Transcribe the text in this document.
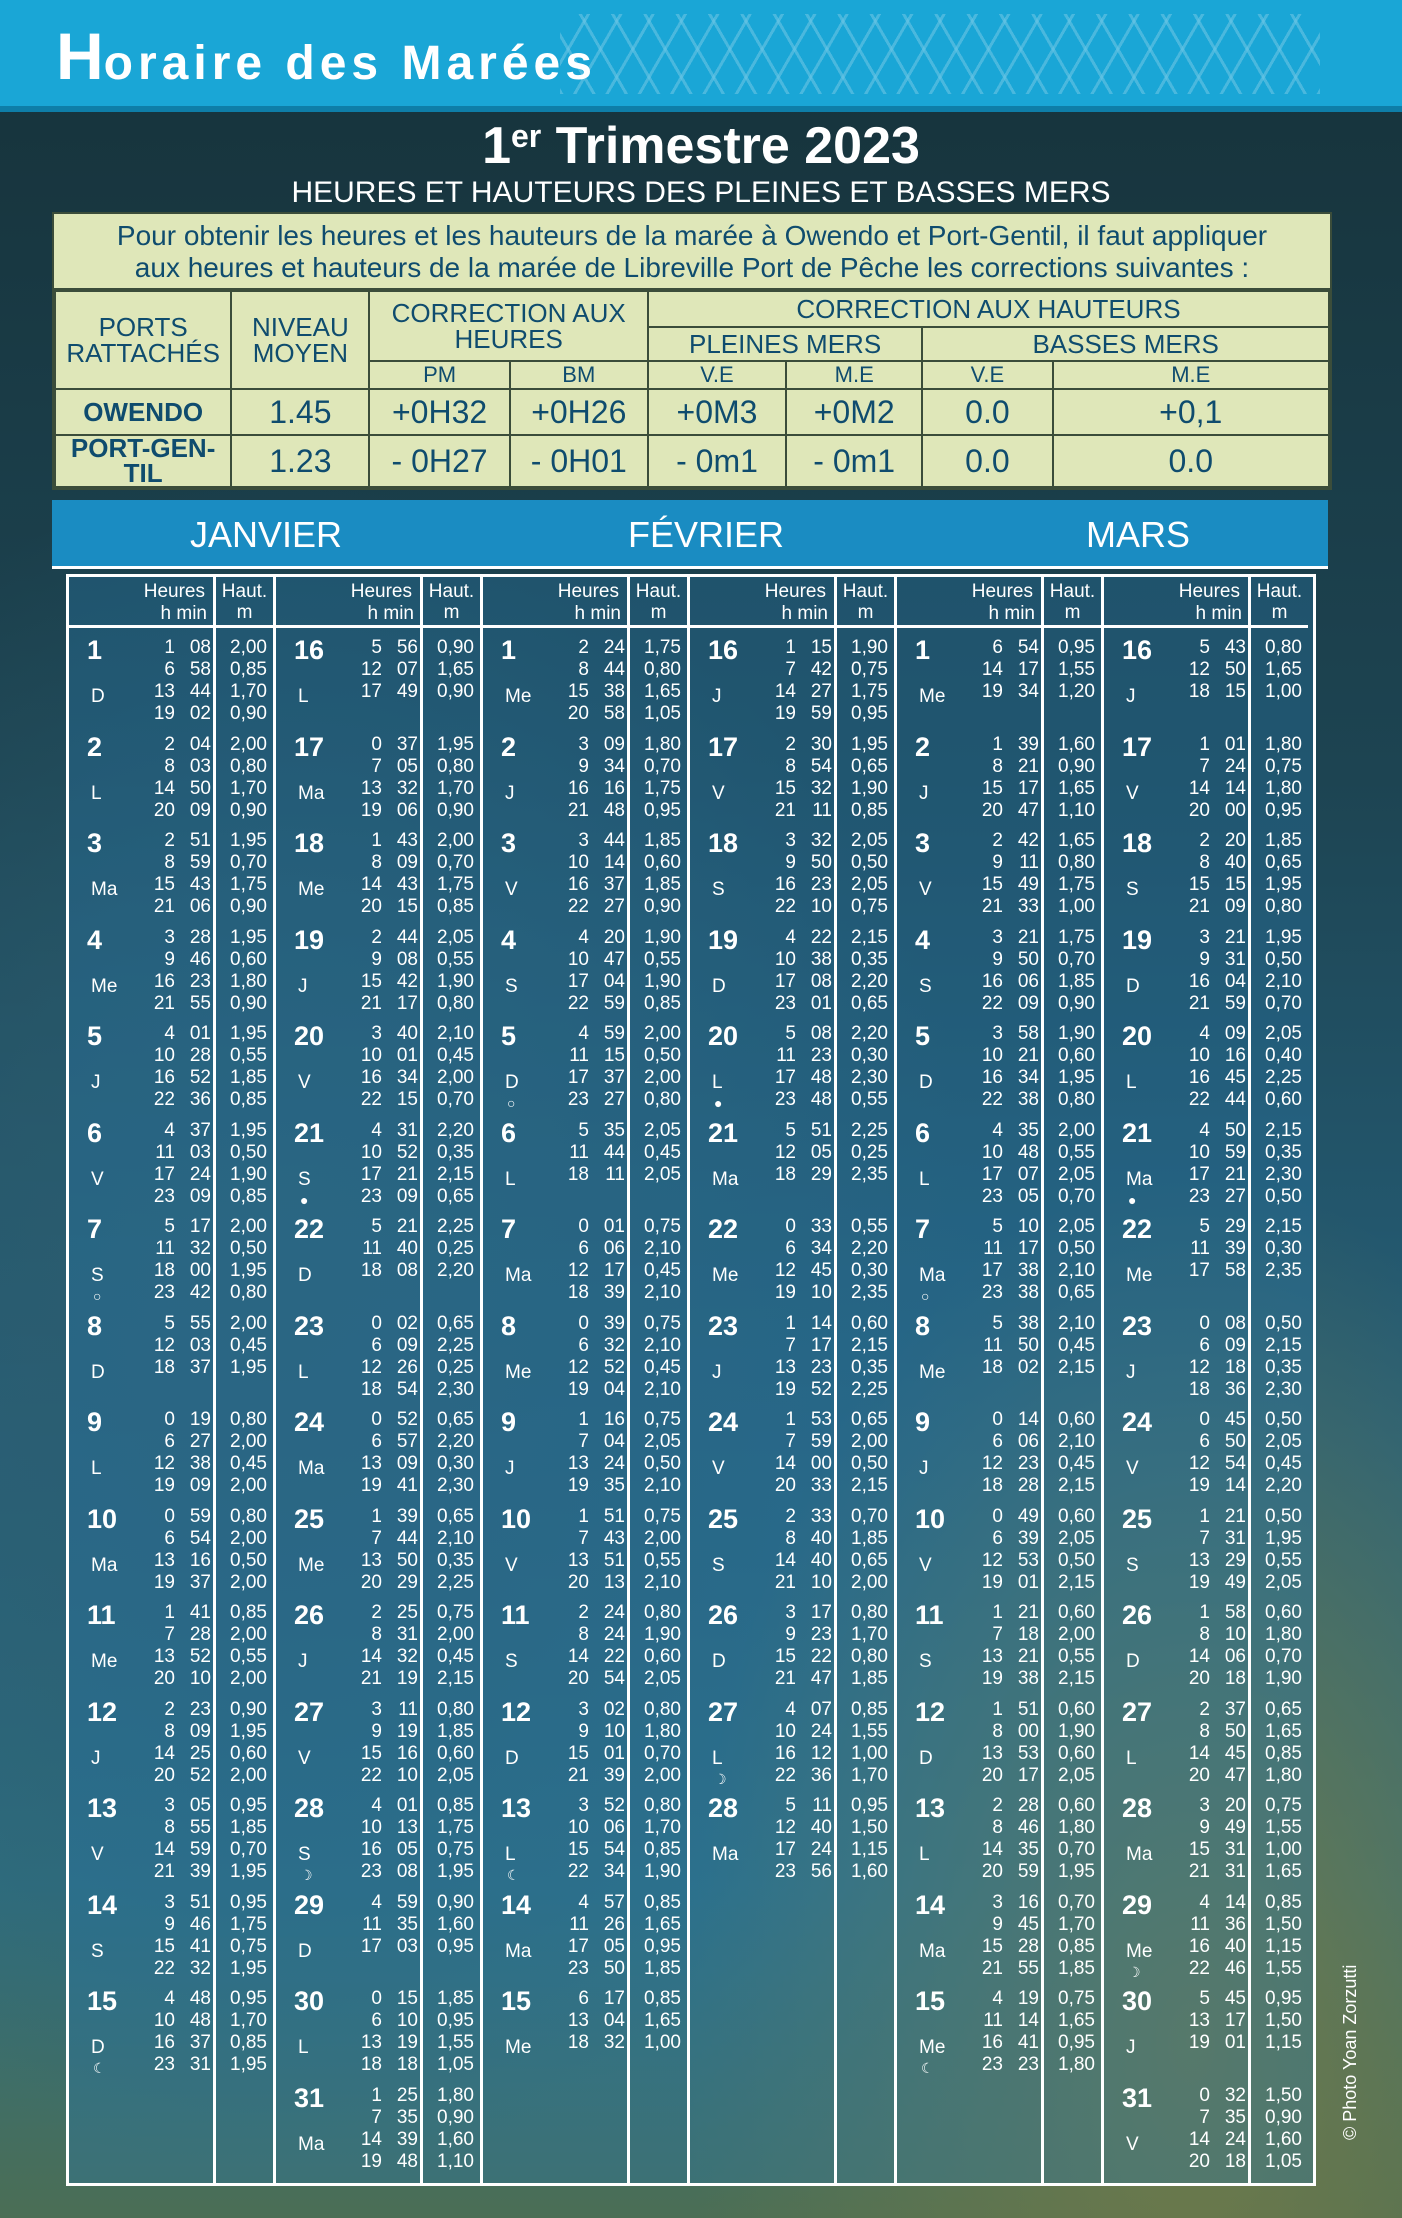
Horaire des Marées
1er Trimestre 2023
HEURES ET HAUTEURS DES PLEINES ET BASSES MERS
Pour obtenir les heures et les hauteurs de la marée à Owendo et Port-Gentil, il faut appliquer
aux heures et hauteurs de la marée de Libreville Port de Pêche les corrections suivantes :
PORTS RATTACHÉS	NIVEAU MOYEN	CORRECTION AUX HEURES		CORRECTION AUX HAUTEURS			
				PLEINES MERS		BASSES MERS	
		PM	BM	V.E	M.E	V.E	M.E
OWENDO	1.45	+0H32	+0H26	+0M3	+0M2	0.0	+0,1
PORT-GEN-TIL	1.23	- 0H27	- 0H01	- 0m1	- 0m1	0.0	0.0
JANVIER	FÉVRIER	MARS
Heures
h min
Haut.
m
1
D
1 08	2,00
6 58	0,85
13 44	1,70
19 02	0,90
2
L
2 04	2,00
8 03	0,80
14 50	1,70
20 09	0,90
3
Ma
2 51	1,95
8 59	0,70
15 43	1,75
21 06	0,90
4
Me
3 28	1,95
9 46	0,60
16 23	1,80
21 55	0,90
5
J
4 01	1,95
10 28	0,55
16 52	1,85
22 36	0,85
6
V
4 37	1,95
11 03	0,50
17 24	1,90
23 09	0,85
7
S
○
5 17	2,00
11 32	0,50
18 00	1,95
23 42	0,80
8
D
5 55	2,00
12 03	0,45
18 37	1,95
9
L
0 19	0,80
6 27	2,00
12 38	0,45
19 09	2,00
10
Ma
0 59	0,80
6 54	2,00
13 16	0,50
19 37	2,00
11
Me
1 41	0,85
7 28	2,00
13 52	0,55
20 10	2,00
12
J
2 23	0,90
8 09	1,95
14 25	0,60
20 52	2,00
13
V
3 05	0,95
8 55	1,85
14 59	0,70
21 39	1,95
14
S
3 51	0,95
9 46	1,75
15 41	0,75
22 32	1,95
15
D
☾
4 48	0,95
10 48	1,70
16 37	0,85
23 31	1,95
Heures
h min
Haut.
m
16
L
5 56	0,90
12 07	1,65
17 49	0,90
17
Ma
0 37	1,95
7 05	0,80
13 32	1,70
19 06	0,90
18
Me
1 43	2,00
8 09	0,70
14 43	1,75
20 15	0,85
19
J
2 44	2,05
9 08	0,55
15 42	1,90
21 17	0,80
20
V
3 40	2,10
10 01	0,45
16 34	2,00
22 15	0,70
21
S
●
4 31	2,20
10 52	0,35
17 21	2,15
23 09	0,65
22
D
5 21	2,25
11 40	0,25
18 08	2,20
23
L
0 02	0,65
6 09	2,25
12 26	0,25
18 54	2,30
24
Ma
0 52	0,65
6 57	2,20
13 09	0,30
19 41	2,30
25
Me
1 39	0,65
7 44	2,10
13 50	0,35
20 29	2,25
26
J
2 25	0,75
8 31	2,00
14 32	0,45
21 19	2,15
27
V
3 11	0,80
9 19	1,85
15 16	0,60
22 10	2,05
28
S
☽
4 01	0,85
10 13	1,75
16 05	0,75
23 08	1,95
29
D
4 59	0,90
11 35	1,60
17 03	0,95
30
L
0 15	1,85
6 10	0,95
13 19	1,55
18 18	1,05
31
Ma
1 25	1,80
7 35	0,90
14 39	1,60
19 48	1,10
Heures
h min
Haut.
m
1
Me
2 24	1,75
8 44	0,80
15 38	1,65
20 58	1,05
2
J
3 09	1,80
9 34	0,70
16 16	1,75
21 48	0,95
3
V
3 44	1,85
10 14	0,60
16 37	1,85
22 27	0,90
4
S
4 20	1,90
10 47	0,55
17 04	1,90
22 59	0,85
5
D
○
4 59	2,00
11 15	0,50
17 37	2,00
23 27	0,80
6
L
5 35	2,05
11 44	0,45
18 11	2,05
7
Ma
0 01	0,75
6 06	2,10
12 17	0,45
18 39	2,10
8
Me
0 39	0,75
6 32	2,10
12 52	0,45
19 04	2,10
9
J
1 16	0,75
7 04	2,05
13 24	0,50
19 35	2,10
10
V
1 51	0,75
7 43	2,00
13 51	0,55
20 13	2,10
11
S
2 24	0,80
8 24	1,90
14 22	0,60
20 54	2,05
12
D
3 02	0,80
9 10	1,80
15 01	0,70
21 39	2,00
13
L
☾
3 52	0,80
10 06	1,70
15 54	0,85
22 34	1,90
14
Ma
4 57	0,85
11 26	1,65
17 05	0,95
23 50	1,85
15
Me
6 17	0,85
13 04	1,65
18 32	1,00
Heures
h min
Haut.
m
16
J
1 15	1,90
7 42	0,75
14 27	1,75
19 59	0,95
17
V
2 30	1,95
8 54	0,65
15 32	1,90
21 11	0,85
18
S
3 32	2,05
9 50	0,50
16 23	2,05
22 10	0,75
19
D
4 22	2,15
10 38	0,35
17 08	2,20
23 01	0,65
20
L
●
5 08	2,20
11 23	0,30
17 48	2,30
23 48	0,55
21
Ma
5 51	2,25
12 05	0,25
18 29	2,35
22
Me
0 33	0,55
6 34	2,20
12 45	0,30
19 10	2,35
23
J
1 14	0,60
7 17	2,15
13 23	0,35
19 52	2,25
24
V
1 53	0,65
7 59	2,00
14 00	0,50
20 33	2,15
25
S
2 33	0,70
8 40	1,85
14 40	0,65
21 10	2,00
26
D
3 17	0,80
9 23	1,70
15 22	0,80
21 47	1,85
27
L
☽
4 07	0,85
10 24	1,55
16 12	1,00
22 36	1,70
28
Ma
5 11	0,95
12 40	1,50
17 24	1,15
23 56	1,60
Heures
h min
Haut.
m
1
Me
6 54	0,95
14 17	1,55
19 34	1,20
2
J
1 39	1,60
8 21	0,90
15 17	1,65
20 47	1,10
3
V
2 42	1,65
9 11	0,80
15 49	1,75
21 33	1,00
4
S
3 21	1,75
9 50	0,70
16 06	1,85
22 09	0,90
5
D
3 58	1,90
10 21	0,60
16 34	1,95
22 38	0,80
6
L
4 35	2,00
10 48	0,55
17 07	2,05
23 05	0,70
7
Ma
○
5 10	2,05
11 17	0,50
17 38	2,10
23 38	0,65
8
Me
5 38	2,10
11 50	0,45
18 02	2,15
9
J
0 14	0,60
6 06	2,10
12 23	0,45
18 28	2,15
10
V
0 49	0,60
6 39	2,05
12 53	0,50
19 01	2,15
11
S
1 21	0,60
7 18	2,00
13 21	0,55
19 38	2,15
12
D
1 51	0,60
8 00	1,90
13 53	0,60
20 17	2,05
13
L
2 28	0,60
8 46	1,80
14 35	0,70
20 59	1,95
14
Ma
3 16	0,70
9 45	1,70
15 28	0,85
21 55	1,85
15
Me
☾
4 19	0,75
11 14	1,65
16 41	0,95
23 23	1,80
Heures
h min
Haut.
m
16
J
5 43	0,80
12 50	1,65
18 15	1,00
17
V
1 01	1,80
7 24	0,75
14 14	1,80
20 00	0,95
18
S
2 20	1,85
8 40	0,65
15 15	1,95
21 09	0,80
19
D
3 21	1,95
9 31	0,50
16 04	2,10
21 59	0,70
20
L
4 09	2,05
10 16	0,40
16 45	2,25
22 44	0,60
21
Ma
●
4 50	2,15
10 59	0,35
17 21	2,30
23 27	0,50
22
Me
5 29	2,15
11 39	0,30
17 58	2,35
23
J
0 08	0,50
6 09	2,15
12 18	0,35
18 36	2,30
24
V
0 45	0,50
6 50	2,05
12 54	0,45
19 14	2,20
25
S
1 21	0,50
7 31	1,95
13 29	0,55
19 49	2,05
26
D
1 58	0,60
8 10	1,80
14 06	0,70
20 18	1,90
27
L
2 37	0,65
8 50	1,65
14 45	0,85
20 47	1,80
28
Ma
3 20	0,75
9 49	1,55
15 31	1,00
21 31	1,65
29
Me
☽
4 14	0,85
11 36	1,50
16 40	1,15
22 46	1,55
30
J
5 45	0,95
13 17	1,50
19 01	1,15
31
V
0 32	1,50
7 35	0,90
14 24	1,60
20 18	1,05
© Photo Yoan Zorzutti
